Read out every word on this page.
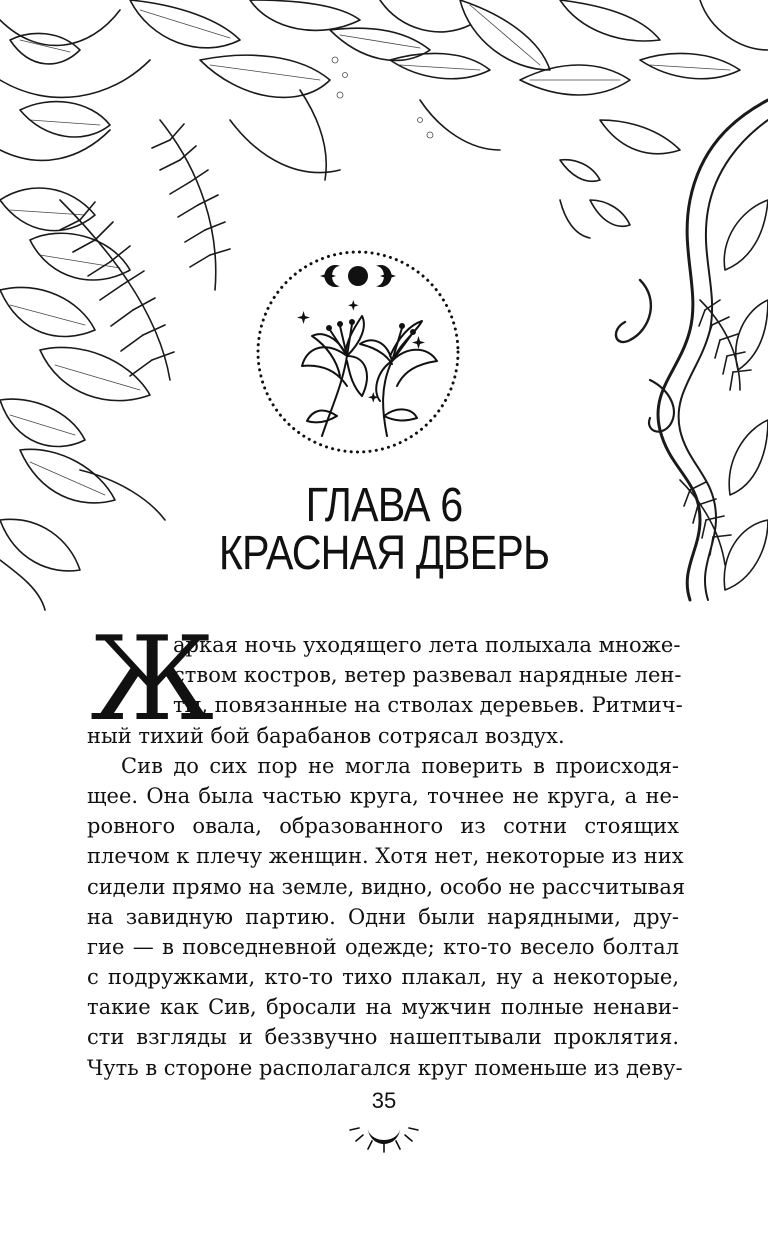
ГЛАВА 6
КРАСНАЯ ДВЕРЬ
Ж
аркая ночь уходящего лета полыхала множе-
ством костров, ветер развевал нарядные лен-
ты, повязанные на стволах деревьев. Ритмич-
ный тихий бой барабанов сотрясал воздух.
Сив до сих пор не могла поверить в происходя-
щее. Она была частью круга, точнее не круга, а не-
ровного овала, образованного из сотни стоящих
плечом к плечу женщин. Хотя нет, некоторые из них
сидели прямо на земле, видно, особо не рассчитывая
на завидную партию. Одни были нарядными, дру-
гие — в повседневной одежде; кто-то весело болтал
с подружками, кто-то тихо плакал, ну а некоторые,
такие как Сив, бросали на мужчин полные ненави-
сти взгляды и беззвучно нашептывали проклятия.
Чуть в стороне располагался круг поменьше из деву-
35
